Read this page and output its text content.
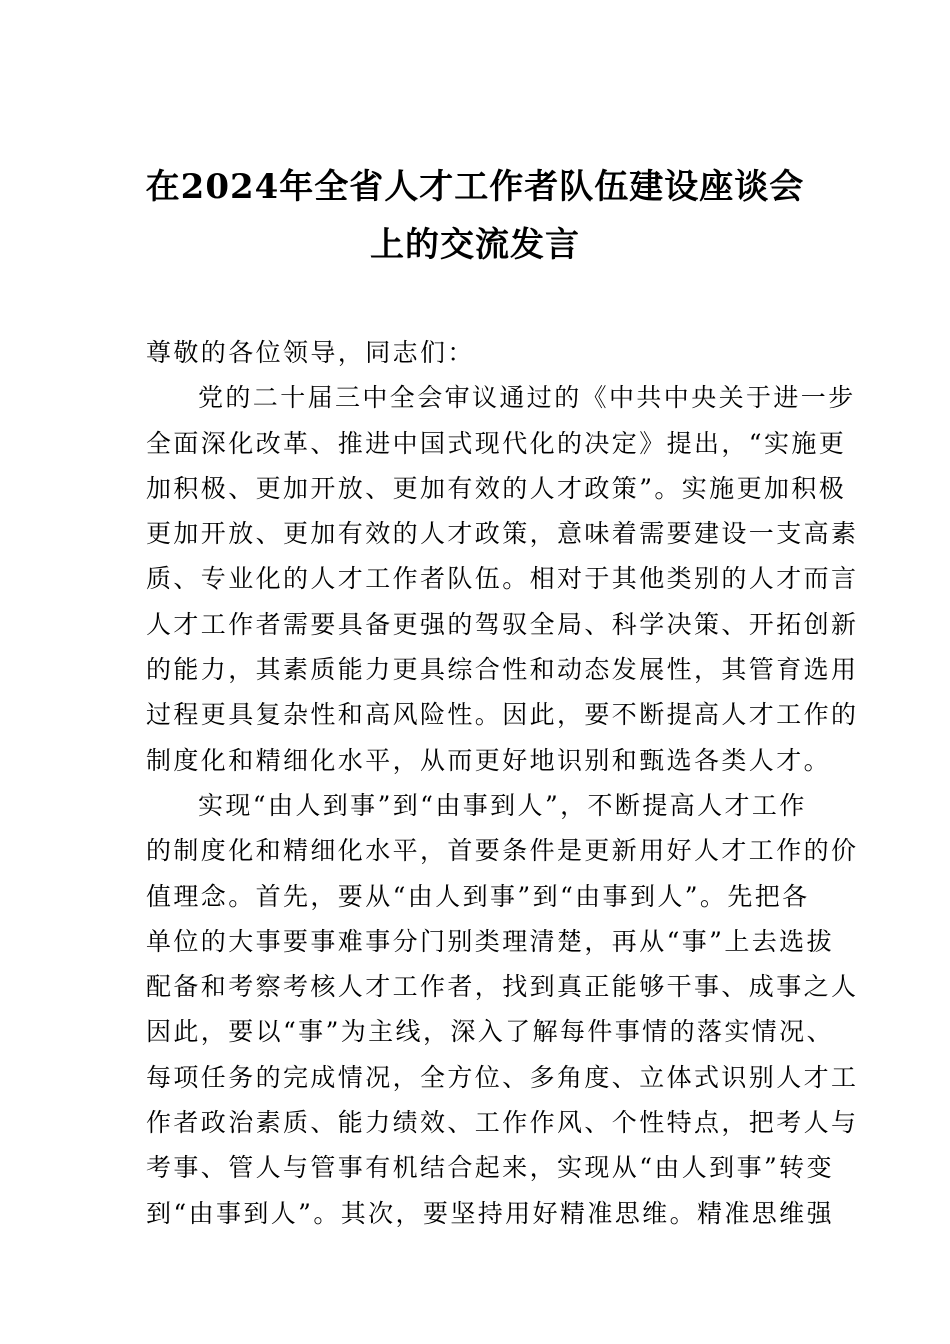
在2024年全省人才工作者队伍建设座谈会
上的交流发言
尊敬的各位领导，同志们：
党的二十届三中全会审议通过的《中共中央关于进一步
全面深化改革、推进中国式现代化的决定》提出，“实施更
加积极、更加开放、更加有效的人才政策”。实施更加积极
更加开放、更加有效的人才政策，意味着需要建设一支高素
质、专业化的人才工作者队伍。相对于其他类别的人才而言
人才工作者需要具备更强的驾驭全局、科学决策、开拓创新
的能力，其素质能力更具综合性和动态发展性，其管育选用
过程更具复杂性和高风险性。因此，要不断提高人才工作的
制度化和精细化水平，从而更好地识别和甄选各类人才。
实现“由人到事”到“由事到人”，不断提高人才工作
的制度化和精细化水平，首要条件是更新用好人才工作的价
值理念。首先，要从“由人到事”到“由事到人”。先把各
单位的大事要事难事分门别类理清楚，再从“事”上去选拔
配备和考察考核人才工作者，找到真正能够干事、成事之人
因此，要以“事”为主线，深入了解每件事情的落实情况、
每项任务的完成情况，全方位、多角度、立体式识别人才工
作者政治素质、能力绩效、工作作风、个性特点，把考人与
考事、管人与管事有机结合起来，实现从“由人到事”转变
到“由事到人”。其次，要坚持用好精准思维。精准思维强
